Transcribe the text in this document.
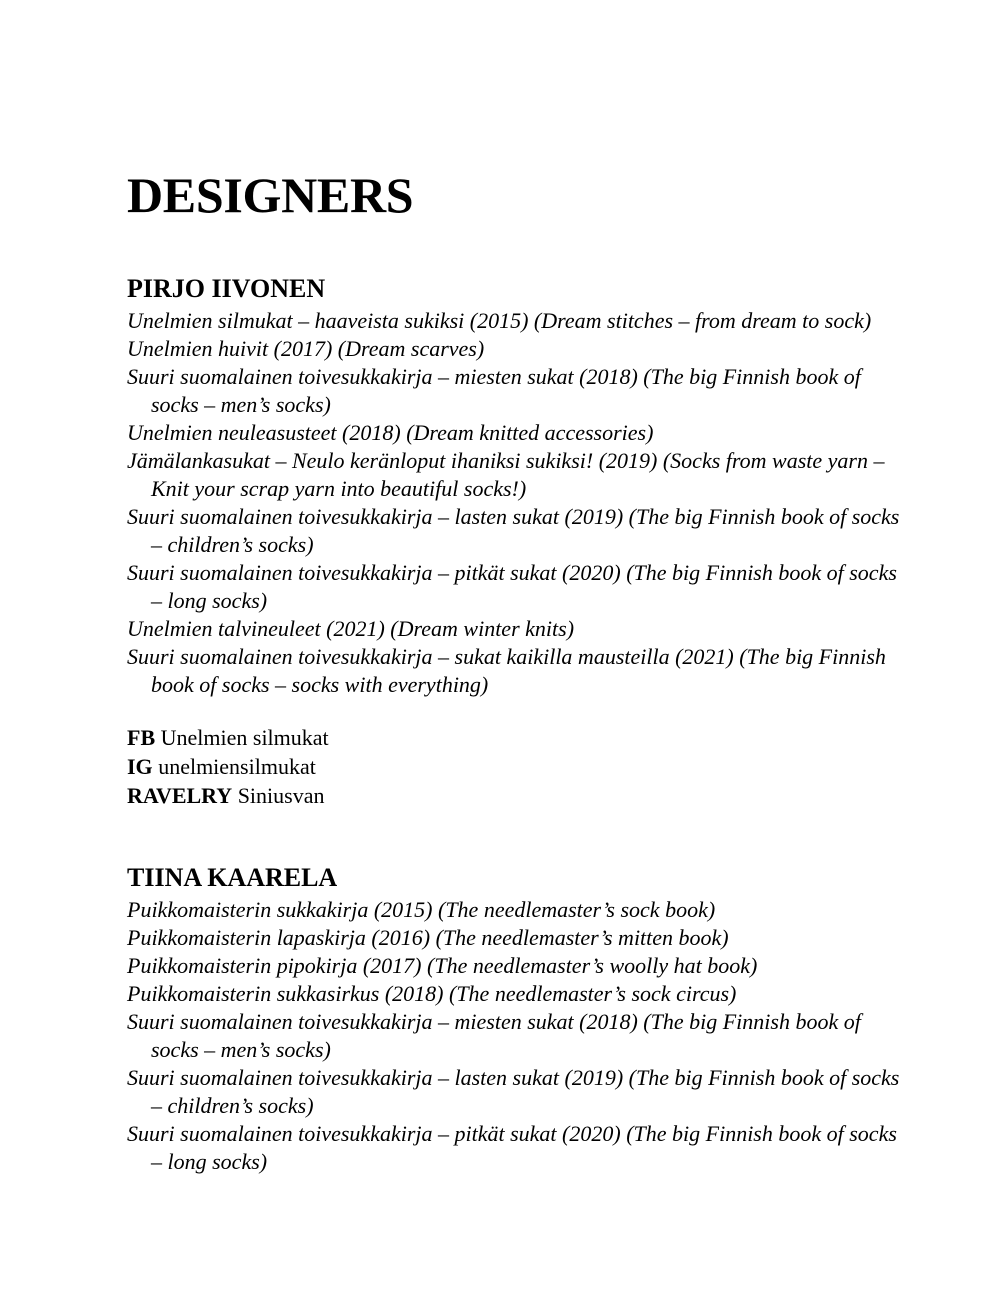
DESIGNERS
PIRJO IIVONEN
Unelmien silmukat – haaveista sukiksi (2015) (Dream stitches – from dream to sock)
Unelmien huivit (2017) (Dream scarves)
Suuri suomalainen toivesukkakirja – miesten sukat (2018) (The big Finnish book of socks – men’s socks)
Unelmien neuleasusteet (2018) (Dream knitted accessories)
Jämälankasukat – Neulo keränloput ihaniksi sukiksi! (2019) (Socks from waste yarn – Knit your scrap yarn into beautiful socks!)
Suuri suomalainen toivesukkakirja – lasten sukat (2019) (The big Finnish book of socks – children’s socks)
Suuri suomalainen toivesukkakirja – pitkät sukat (2020) (The big Finnish book of socks – long socks)
Unelmien talvineuleet (2021) (Dream winter knits)
Suuri suomalainen toivesukkakirja – sukat kaikilla mausteilla (2021) (The big Finnish book of socks – socks with everything)
FB Unelmien silmukat
IG unelmiensilmukat
RAVELRY Siniusvan
TIINA KAARELA
Puikkomaisterin sukkakirja (2015) (The needlemaster’s sock book)
Puikkomaisterin lapaskirja (2016) (The needlemaster’s mitten book)
Puikkomaisterin pipokirja (2017) (The needlemaster’s woolly hat book)
Puikkomaisterin sukkasirkus (2018) (The needlemaster’s sock circus)
Suuri suomalainen toivesukkakirja – miesten sukat (2018) (The big Finnish book of socks – men’s socks)
Suuri suomalainen toivesukkakirja – lasten sukat (2019) (The big Finnish book of socks – children’s socks)
Suuri suomalainen toivesukkakirja – pitkät sukat (2020) (The big Finnish book of socks – long socks)
